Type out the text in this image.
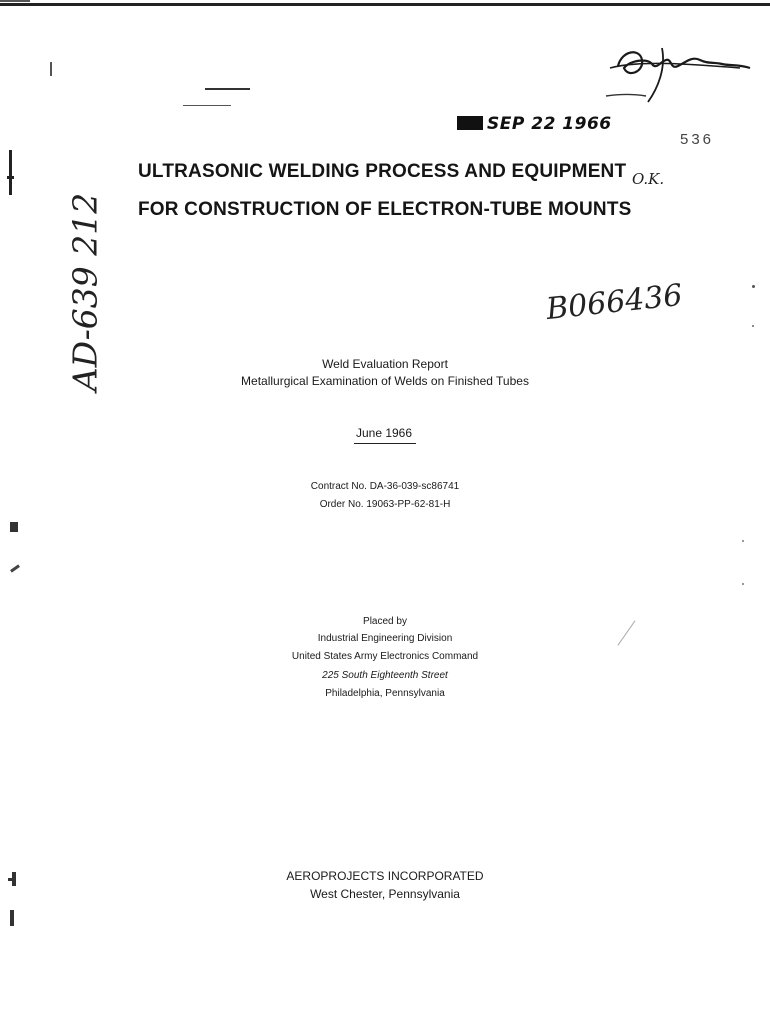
SEP 22 1966
536
O.K.
ULTRASONIC WELDING PROCESS AND EQUIPMENT
FOR CONSTRUCTION OF ELECTRON-TUBE MOUNTS
AD-639 212	B066436
Weld Evaluation Report
Metallurgical Examination of Welds on Finished Tubes
June 1966
Contract No. DA-36-039-sc86741
Order No. 19063-PP-62-81-H
Placed by
Industrial Engineering Division
United States Army Electronics Command
225 South Eighteenth Street
Philadelphia, Pennsylvania
AEROPROJECTS INCORPORATED
West Chester, Pennsylvania
